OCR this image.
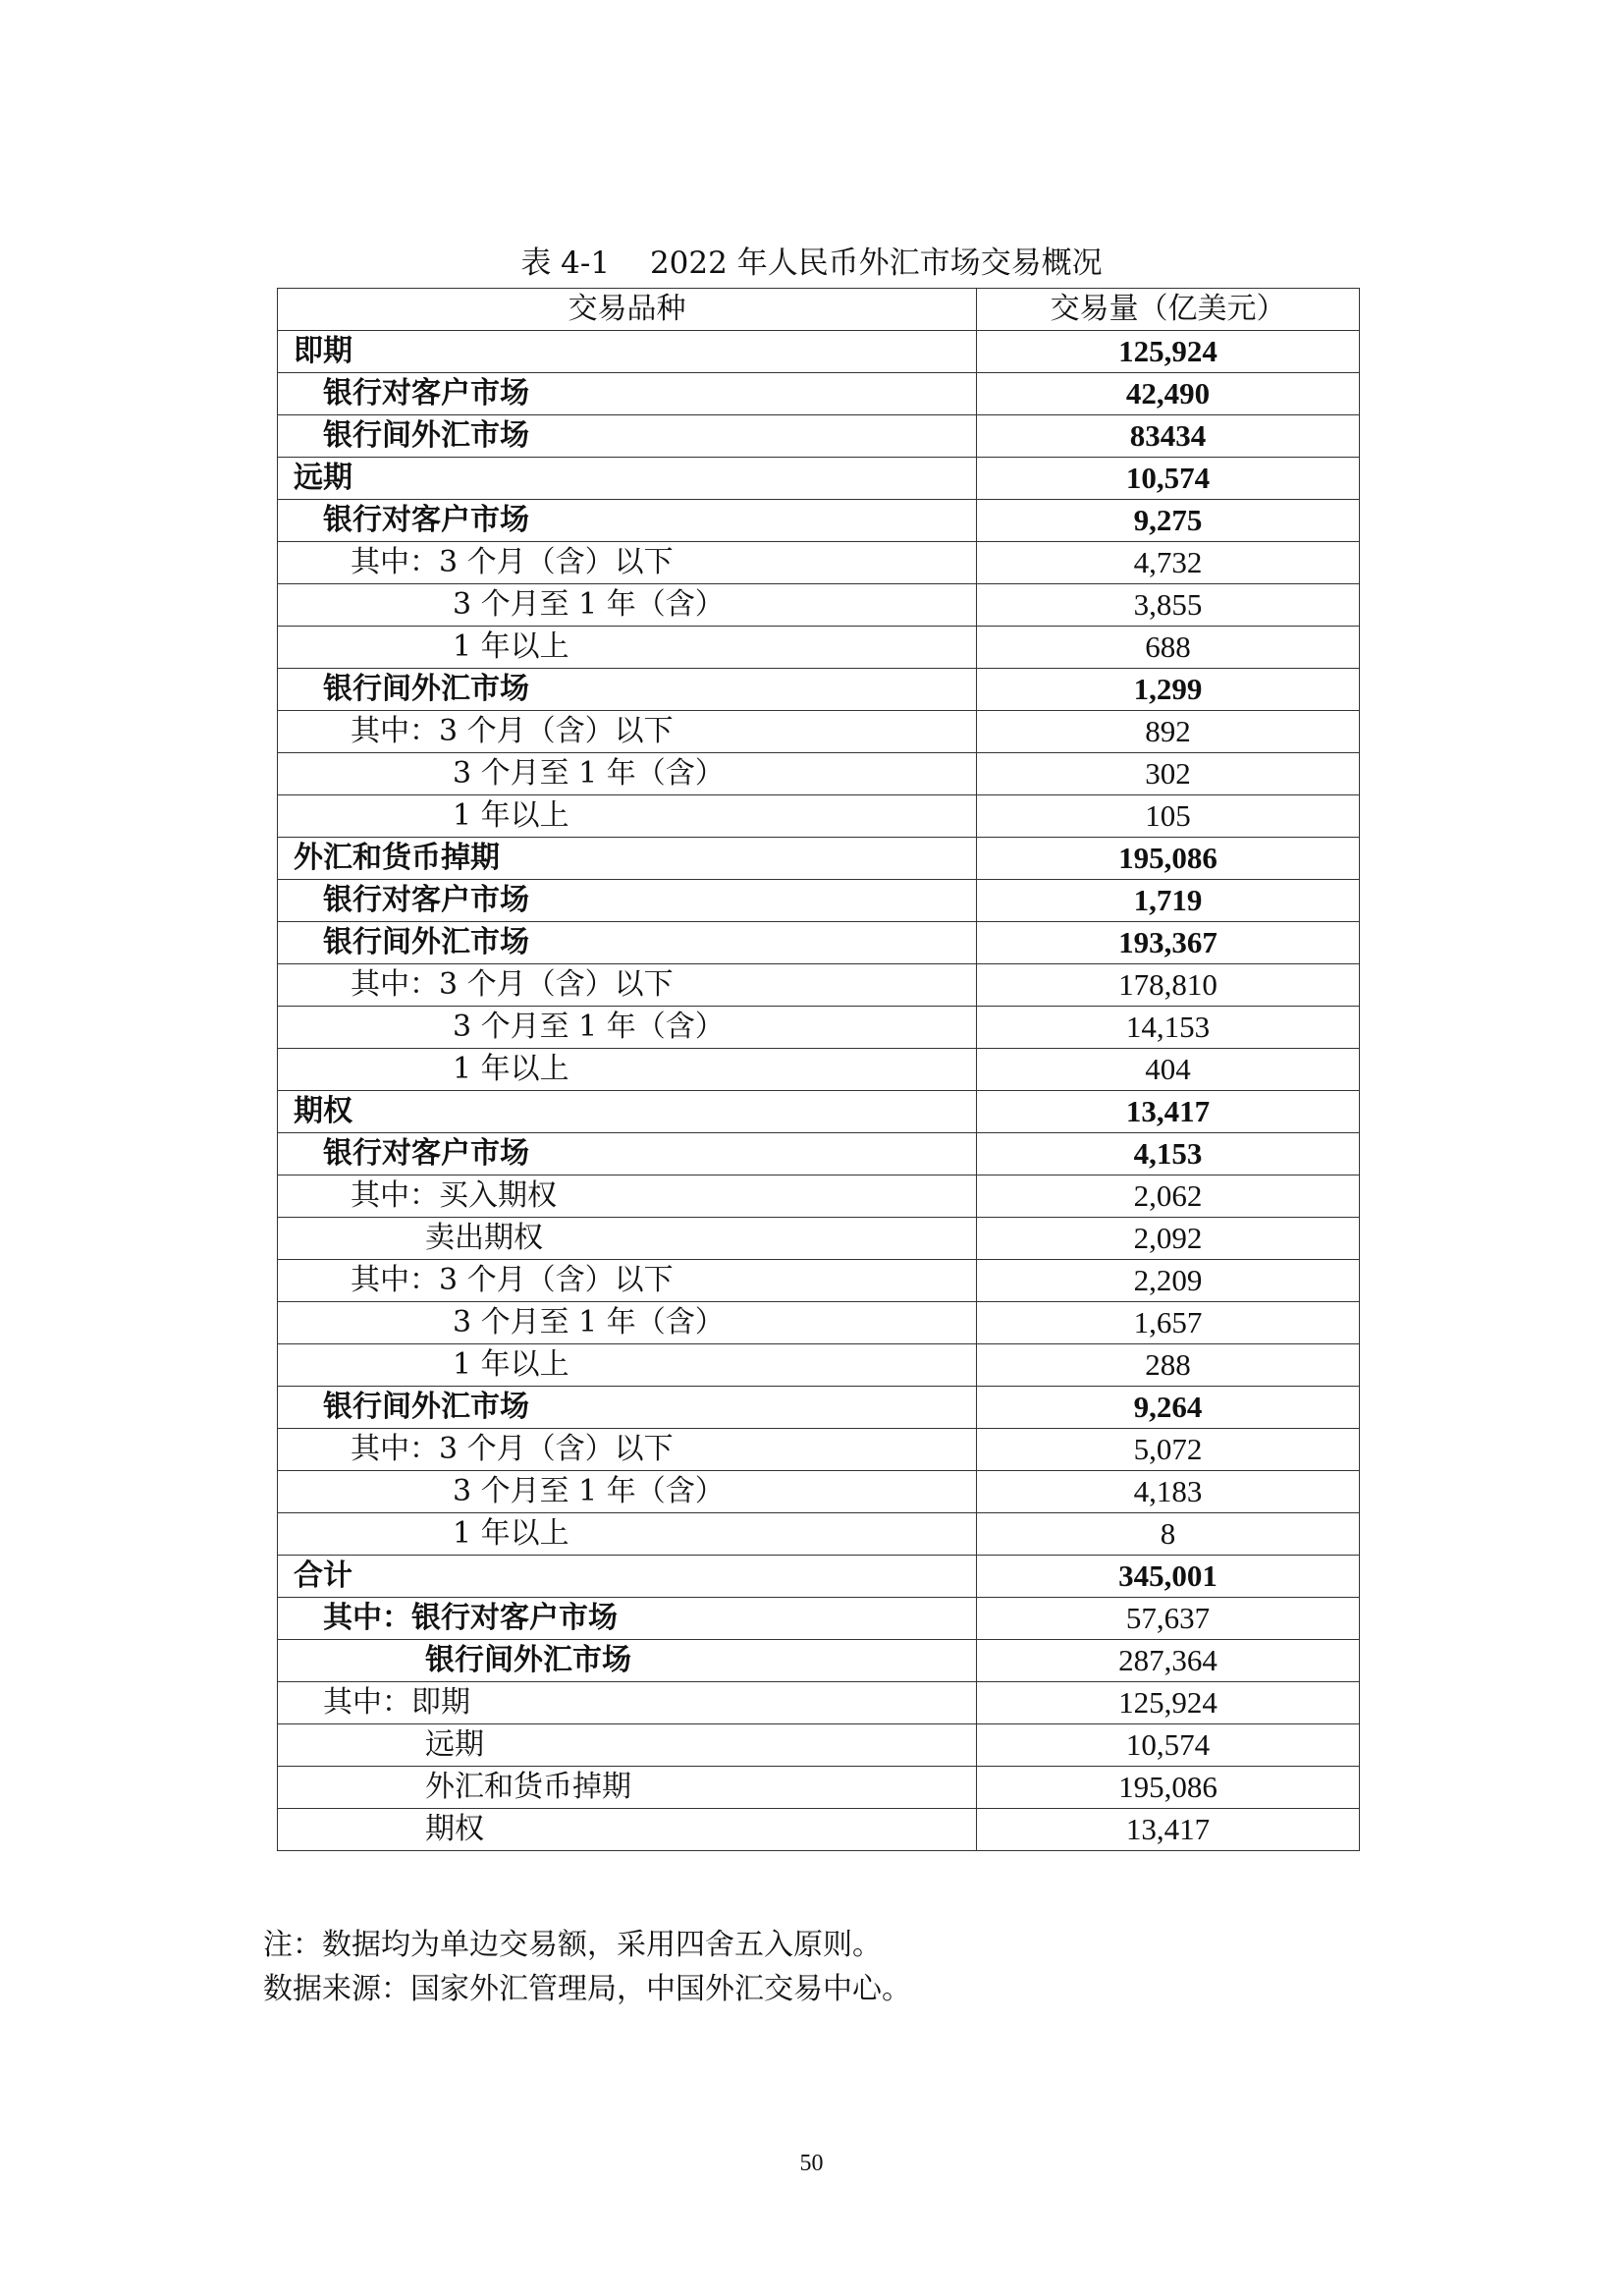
表 4-1　 2022 年人民币外汇市场交易概况
交易品种	交易量（亿美元）
即期	125,924
银行对客户市场	42,490
银行间外汇市场	83434
远期	10,574
银行对客户市场	9,275
其中：3 个月（含）以下	4,732
3 个月至 1 年（含）	3,855
1 年以上	688
银行间外汇市场	1,299
其中：3 个月（含）以下	892
3 个月至 1 年（含）	302
1 年以上	105
外汇和货币掉期	195,086
银行对客户市场	1,719
银行间外汇市场	193,367
其中：3 个月（含）以下	178,810
3 个月至 1 年（含）	14,153
1 年以上	404
期权	13,417
银行对客户市场	4,153
其中：买入期权	2,062
卖出期权	2,092
其中：3 个月（含）以下	2,209
3 个月至 1 年（含）	1,657
1 年以上	288
银行间外汇市场	9,264
其中：3 个月（含）以下	5,072
3 个月至 1 年（含）	4,183
1 年以上	8
合计	345,001
其中：银行对客户市场	57,637
银行间外汇市场	287,364
其中：即期	125,924
远期	10,574
外汇和货币掉期	195,086
期权	13,417
注：数据均为单边交易额，采用四舍五入原则。
数据来源：国家外汇管理局，中国外汇交易中心。
50
